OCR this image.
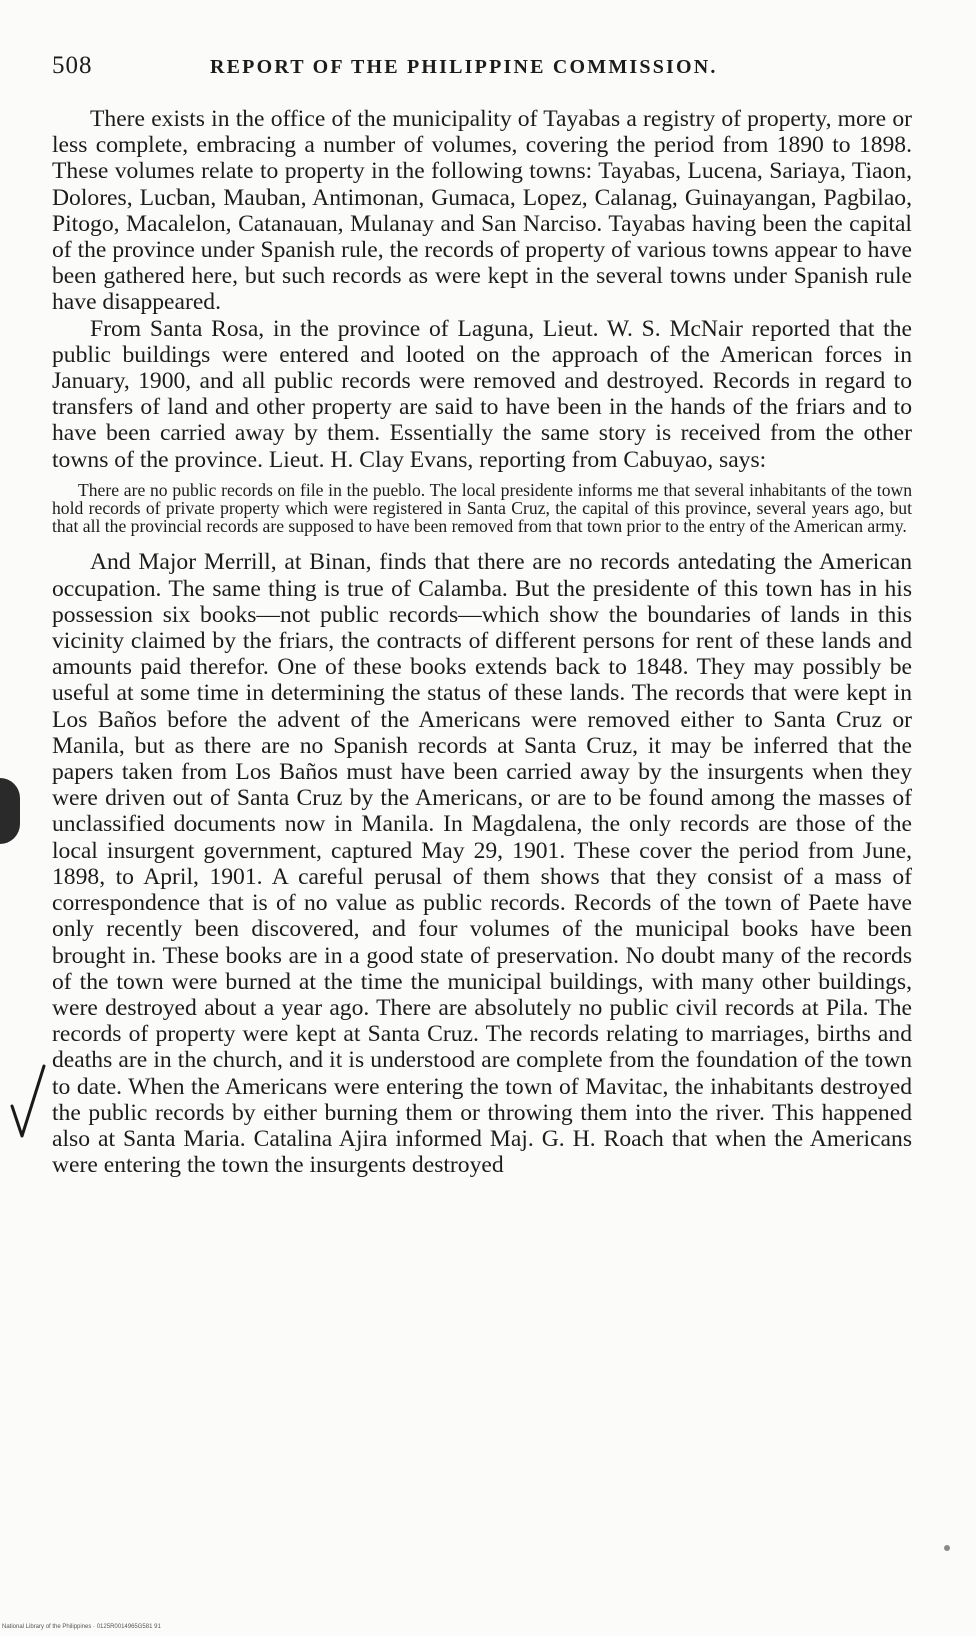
508	REPORT OF THE PHILIPPINE COMMISSION.

There exists in the office of the municipality of Tayabas a registry of property, more or less complete, embracing a number of volumes, covering the period from 1890 to 1898. These volumes relate to property in the following towns: Tayabas, Lucena, Sariaya, Tiaon, Dolores, Lucban, Mauban, Antimonan, Gumaca, Lopez, Calanag, Guinayangan, Pagbilao, Pitogo, Macalelon, Catanauan, Mulanay and San Narciso. Tayabas having been the capital of the province under Spanish rule, the records of property of various towns appear to have been gathered here, but such records as were kept in the several towns under Spanish rule have disappeared.

From Santa Rosa, in the province of Laguna, Lieut. W. S. McNair reported that the public buildings were entered and looted on the approach of the American forces in January, 1900, and all public records were removed and destroyed. Records in regard to transfers of land and other property are said to have been in the hands of the friars and to have been carried away by them. Essentially the same story is received from the other towns of the province. Lieut. H. Clay Evans, reporting from Cabuyao, says:

There are no public records on file in the pueblo. The local presidente informs me that several inhabitants of the town hold records of private property which were registered in Santa Cruz, the capital of this province, several years ago, but that all the provincial records are supposed to have been removed from that town prior to the entry of the American army.

And Major Merrill, at Binan, finds that there are no records antedating the American occupation. The same thing is true of Calamba. But the presidente of this town has in his possession six books—not public records—which show the boundaries of lands in this vicinity claimed by the friars, the contracts of different persons for rent of these lands and amounts paid therefor. One of these books extends back to 1848. They may possibly be useful at some time in determining the status of these lands. The records that were kept in Los Baños before the advent of the Americans were removed either to Santa Cruz or Manila, but as there are no Spanish records at Santa Cruz, it may be inferred that the papers taken from Los Baños must have been carried away by the insurgents when they were driven out of Santa Cruz by the Americans, or are to be found among the masses of unclassified documents now in Manila. In Magdalena, the only records are those of the local insurgent government, captured May 29, 1901. These cover the period from June, 1898, to April, 1901. A careful perusal of them shows that they consist of a mass of correspondence that is of no value as public records. Records of the town of Paete have only recently been discovered, and four volumes of the municipal books have been brought in. These books are in a good state of preservation. No doubt many of the records of the town were burned at the time the municipal buildings, with many other buildings, were destroyed about a year ago. There are absolutely no public civil records at Pila. The records of property were kept at Santa Cruz. The records relating to marriages, births and deaths are in the church, and it is understood are complete from the foundation of the town to date. When the Americans were entering the town of Mavitac, the inhabitants destroyed the public records by either burning them or throwing them into the river. This happened also at Santa Maria. Catalina Ajira informed Maj. G. H. Roach that when the Americans were entering the town the insurgents destroyed

National Library of the Philippines · 0125R0014965G581 91
